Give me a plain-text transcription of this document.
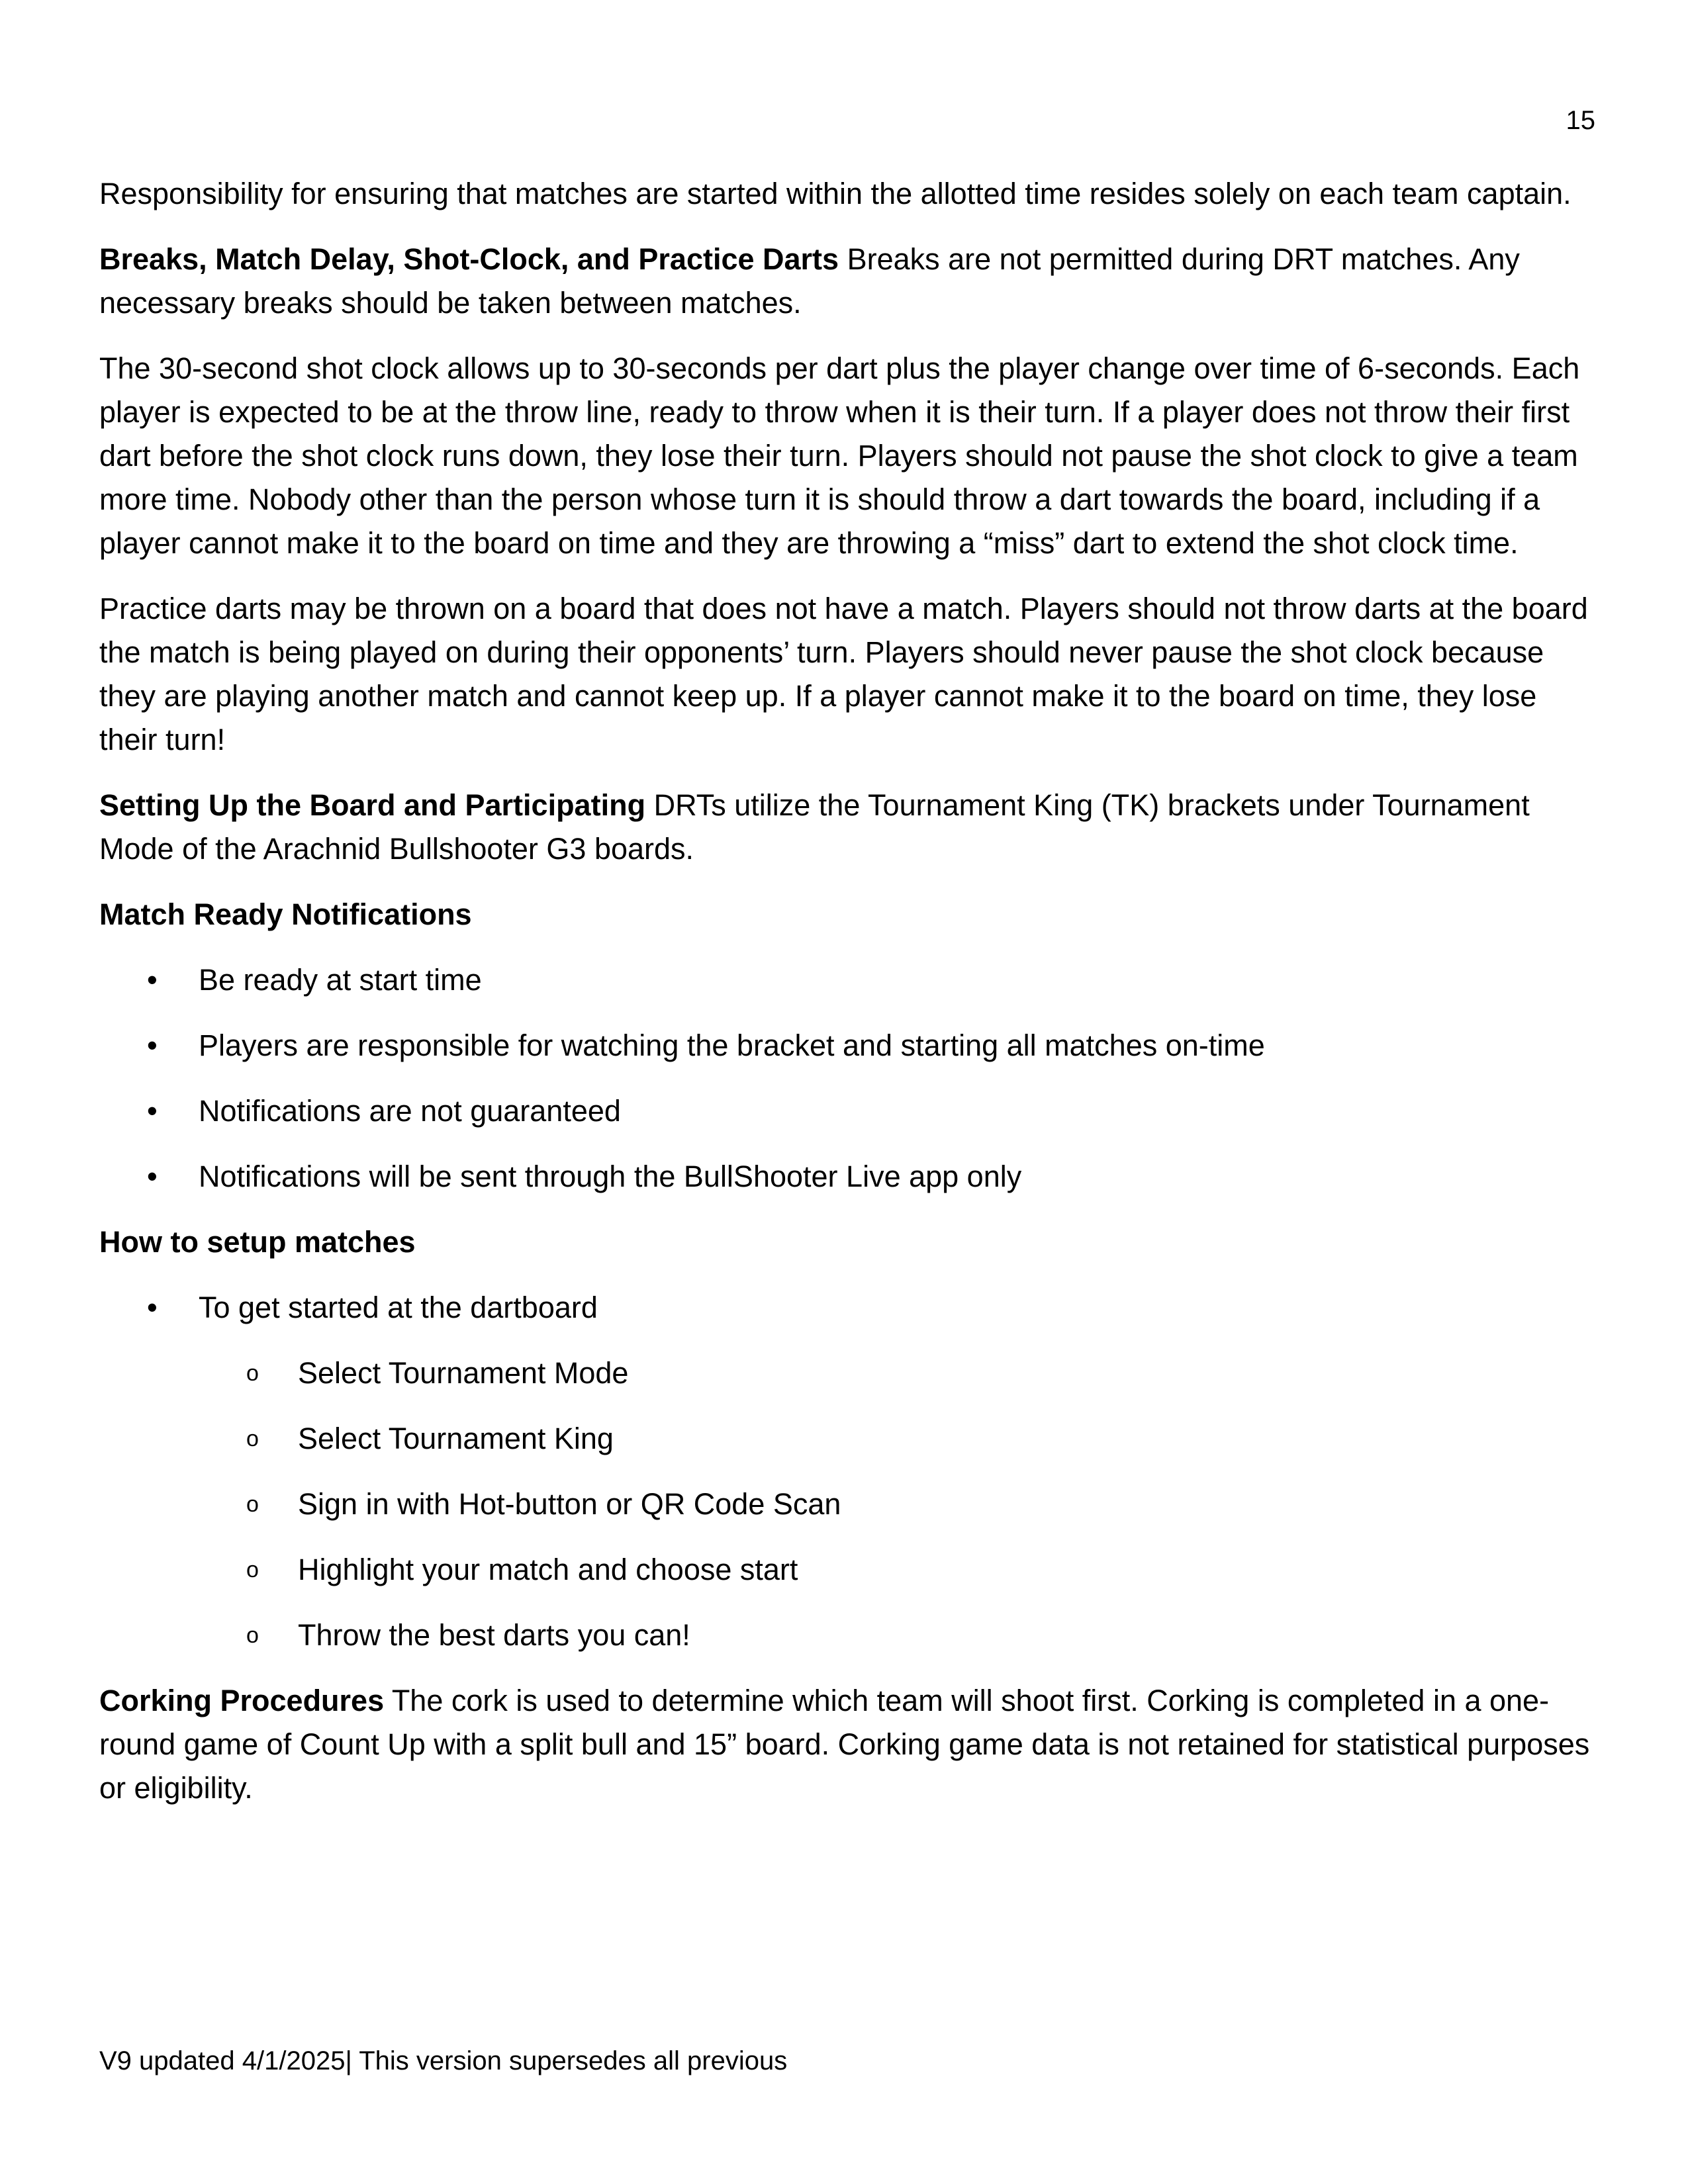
15

Responsibility for ensuring that matches are started within the allotted time resides solely on each team captain.

Breaks, Match Delay, Shot-Clock, and Practice Darts Breaks are not permitted during DRT matches. Any necessary breaks should be taken between matches.

The 30-second shot clock allows up to 30-seconds per dart plus the player change over time of 6-seconds. Each player is expected to be at the throw line, ready to throw when it is their turn. If a player does not throw their first dart before the shot clock runs down, they lose their turn. Players should not pause the shot clock to give a team more time. Nobody other than the person whose turn it is should throw a dart towards the board, including if a player cannot make it to the board on time and they are throwing a “miss” dart to extend the shot clock time.

Practice darts may be thrown on a board that does not have a match. Players should not throw darts at the board the match is being played on during their opponents’ turn. Players should never pause the shot clock because they are playing another match and cannot keep up. If a player cannot make it to the board on time, they lose their turn!

Setting Up the Board and Participating DRTs utilize the Tournament King (TK) brackets under Tournament Mode of the Arachnid Bullshooter G3 boards.

Match Ready Notifications
• Be ready at start time
• Players are responsible for watching the bracket and starting all matches on-time
• Notifications are not guaranteed
• Notifications will be sent through the BullShooter Live app only
How to setup matches
• To get started at the dartboard
o Select Tournament Mode
o Select Tournament King
o Sign in with Hot-button or QR Code Scan
o Highlight your match and choose start
o Throw the best darts you can!

Corking Procedures The cork is used to determine which team will shoot first. Corking is completed in a one-round game of Count Up with a split bull and 15” board. Corking game data is not retained for statistical purposes or eligibility.

V9 updated 4/1/2025| This version supersedes all previous
